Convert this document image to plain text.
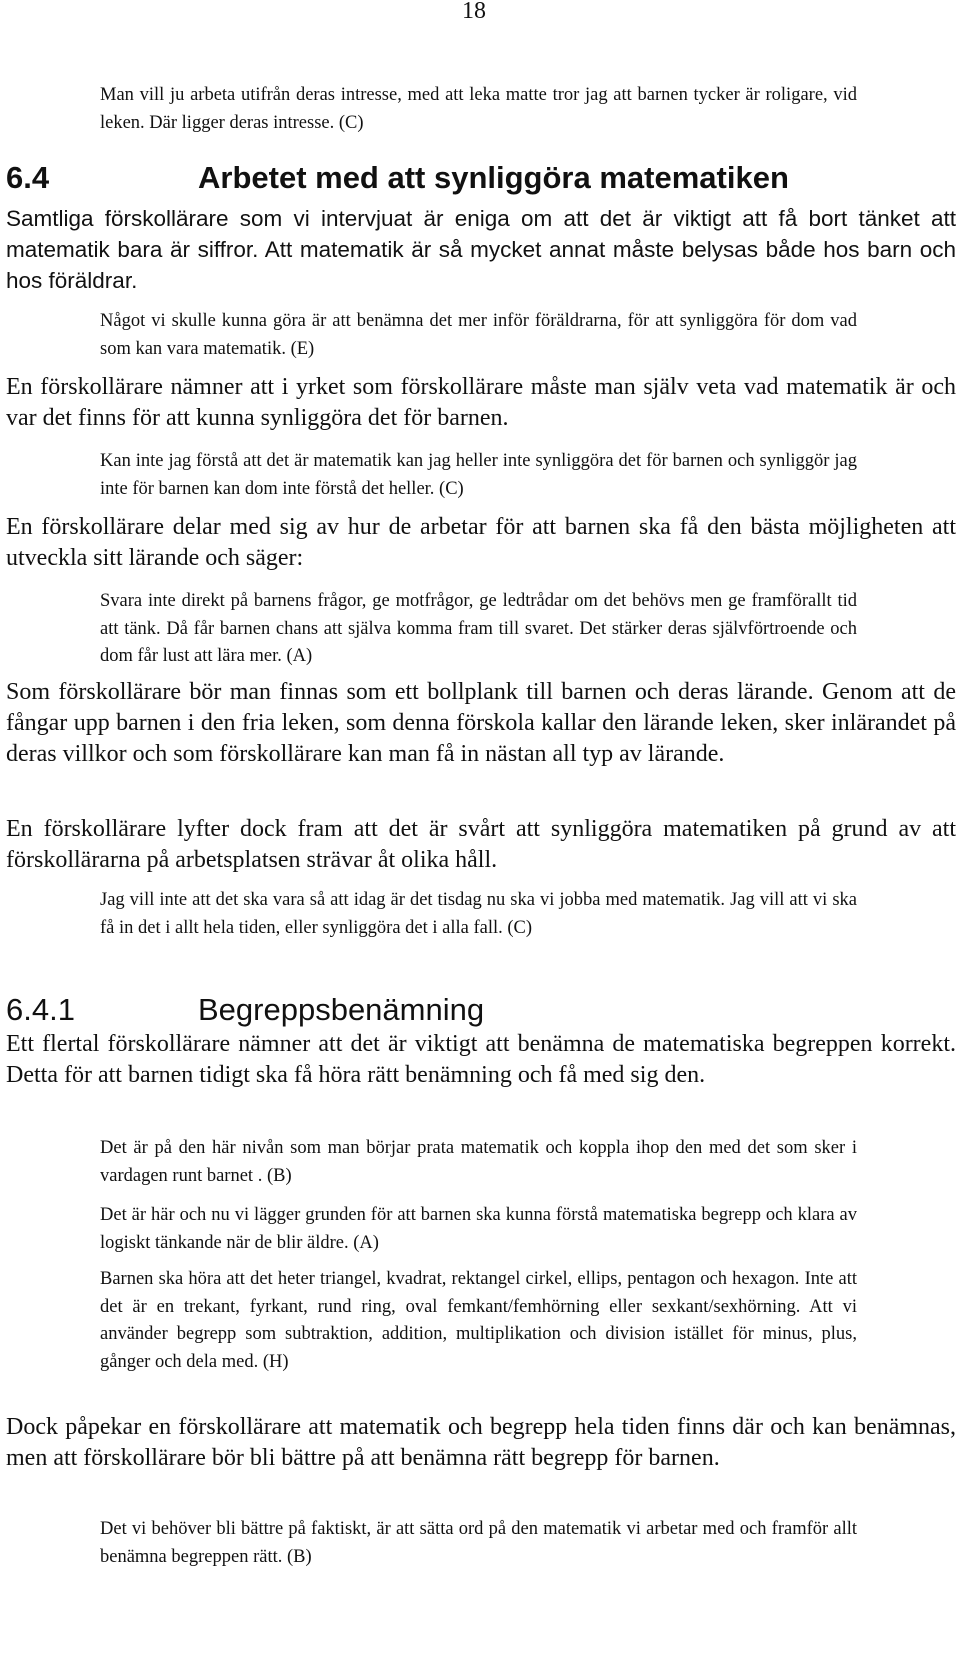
18

Man vill ju arbeta utifrån deras intresse, med att leka matte tror jag att barnen tycker är roligare, vid leken. Där ligger deras intresse. (C)

6.4	Arbetet med att synliggöra matematiken

Samtliga förskollärare som vi intervjuat är eniga om att det är viktigt att få bort tänket att matematik bara är siffror. Att matematik är så mycket annat måste belysas både hos barn och hos föräldrar.

Något vi skulle kunna göra är att benämna det mer inför föräldrarna, för att synliggöra för dom vad som kan vara matematik. (E)

En förskollärare nämner att i yrket som förskollärare måste man själv veta vad matematik är och var det finns för att kunna synliggöra det för barnen.

Kan inte jag förstå att det är matematik kan jag heller inte synliggöra det för barnen och synliggör jag inte för barnen kan dom inte förstå det heller. (C)

En förskollärare delar med sig av hur de arbetar för att barnen ska få den bästa möjligheten att utveckla sitt lärande och säger:

Svara inte direkt på barnens frågor, ge motfrågor, ge ledtrådar om det behövs men ge framförallt tid att tänk. Då får barnen chans att själva komma fram till svaret. Det stärker deras självförtroende och dom får lust att lära mer. (A)

Som förskollärare bör man finnas som ett bollplank till barnen och deras lärande. Genom att de fångar upp barnen i den fria leken, som denna förskola kallar den lärande leken, sker inlärandet på deras villkor och som förskollärare kan man få in nästan all typ av lärande.

En förskollärare lyfter dock fram att det är svårt att synliggöra matematiken på grund av att förskollärarna på arbetsplatsen strävar åt olika håll.

Jag vill inte att det ska vara så att idag är det tisdag nu ska vi jobba med matematik. Jag vill att vi ska få in det i allt hela tiden, eller synliggöra det i alla fall. (C)

6.4.1	Begreppsbenämning

Ett flertal förskollärare nämner att det är viktigt att benämna de matematiska begreppen korrekt. Detta för att barnen tidigt ska få höra rätt benämning och få med sig den.

Det är på den här nivån som man börjar prata matematik och koppla ihop den med det som sker i vardagen runt barnet . (B)

Det är här och nu vi lägger grunden för att barnen ska kunna förstå matematiska begrepp och klara av logiskt tänkande när de blir äldre. (A)

Barnen ska höra att det heter triangel, kvadrat, rektangel cirkel, ellips, pentagon och hexagon. Inte att det är en trekant, fyrkant, rund ring, oval femkant/femhörning eller sexkant/sexhörning. Att vi använder begrepp som subtraktion, addition, multiplikation och division istället för minus, plus, gånger och dela med. (H)

Dock påpekar en förskollärare att matematik och begrepp hela tiden finns där och kan benämnas, men att förskollärare bör bli bättre på att benämna rätt begrepp för barnen.

Det vi behöver bli bättre på faktiskt, är att sätta ord på den matematik vi arbetar med och framför allt benämna begreppen rätt. (B)
